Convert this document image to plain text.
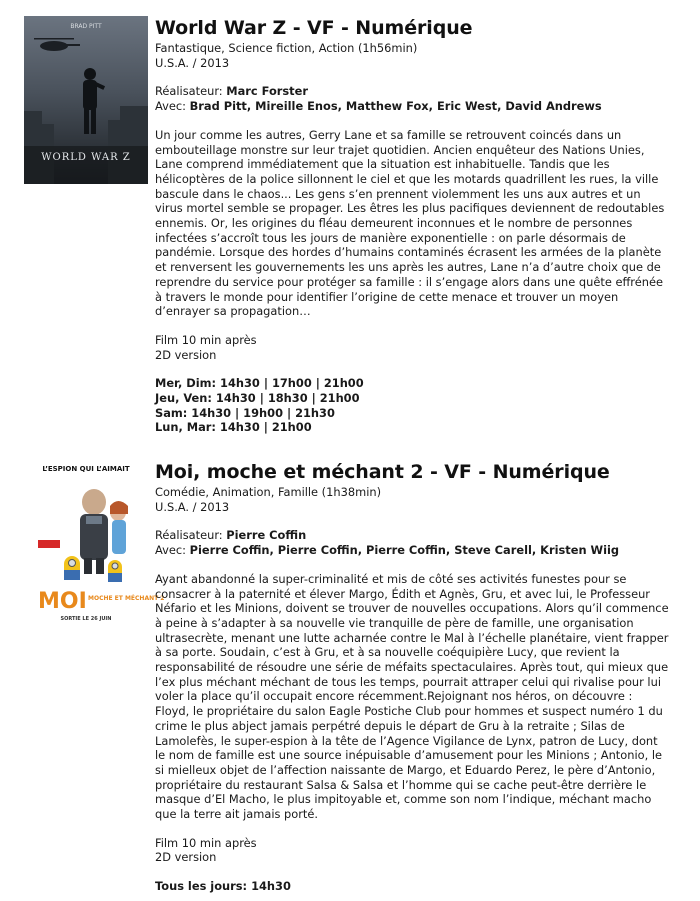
BRAD PITT
WORLD WAR Z
World War Z - VF - Numérique

Fantastique, Science fiction, Action (1h56min)

U.S.A. / 2013

Réalisateur: Marc Forster

Avec: Brad Pitt, Mireille Enos, Matthew Fox, Eric West, David Andrews

Un jour comme les autres, Gerry Lane et sa famille se retrouvent coincés dans un
embouteillage monstre sur leur trajet quotidien. Ancien enquêteur des Nations Unies,
Lane comprend immédiatement que la situation est inhabituelle. Tandis que les
hélicoptères de la police sillonnent le ciel et que les motards quadrillent les rues, la ville
bascule dans le chaos... Les gens s’en prennent violemment les uns aux autres et un
virus mortel semble se propager. Les êtres les plus pacifiques deviennent de redoutables
ennemis. Or, les origines du fléau demeurent inconnues et le nombre de personnes
infectées s’accroît tous les jours de manière exponentielle : on parle désormais de
pandémie. Lorsque des hordes d’humains contaminés écrasent les armées de la planète
et renversent les gouvernements les uns après les autres, Lane n’a d’autre choix que de
reprendre du service pour protéger sa famille : il s’engage alors dans une quête effrénée
à travers le monde pour identifier l’origine de cette menace et trouver un moyen
d’enrayer sa propagation…

Film 10 min après

2D version

Mer, Dim: 14h30 | 17h00 | 21h00

Jeu, Ven: 14h30 | 18h30 | 21h00

Sam: 14h30 | 19h00 | 21h30

Lun, Mar: 14h30 | 21h00

L’ESPION QUI L’AIMAIT
MOI MOCHE ET MÉCHANT 2
SORTIE LE 26 JUIN
Moi, moche et méchant 2 - VF - Numérique

Comédie, Animation, Famille (1h38min)

U.S.A. / 2013

Réalisateur: Pierre Coffin

Avec: Pierre Coffin, Pierre Coffin, Pierre Coffin, Steve Carell, Kristen Wiig

Ayant abandonné la super-criminalité et mis de côté ses activités funestes pour se
consacrer à la paternité et élever Margo, Édith et Agnès, Gru, et avec lui, le Professeur
Néfario et les Minions, doivent se trouver de nouvelles occupations. Alors qu’il commence
à peine à s’adapter à sa nouvelle vie tranquille de père de famille, une organisation
ultrasecrète, menant une lutte acharnée contre le Mal à l’échelle planétaire, vient frapper
à sa porte. Soudain, c’est à Gru, et à sa nouvelle coéquipière Lucy, que revient la
responsabilité de résoudre une série de méfaits spectaculaires. Après tout, qui mieux que
l’ex plus méchant méchant de tous les temps, pourrait attraper celui qui rivalise pour lui
voler la place qu’il occupait encore récemment.Rejoignant nos héros, on découvre :
Floyd, le propriétaire du salon Eagle Postiche Club pour hommes et suspect numéro 1 du
crime le plus abject jamais perpétré depuis le départ de Gru à la retraite ; Silas de
Lamolefès, le super-espion à la tête de l’Agence Vigilance de Lynx, patron de Lucy, dont
le nom de famille est une source inépuisable d’amusement pour les Minions ; Antonio, le
si mielleux objet de l’affection naissante de Margo, et Eduardo Perez, le père d’Antonio,
propriétaire du restaurant Salsa & Salsa et l’homme qui se cache peut-être derrière le
masque d’El Macho, le plus impitoyable et, comme son nom l’indique, méchant macho
que la terre ait jamais porté.

Film 10 min après

2D version

Tous les jours: 14h30
